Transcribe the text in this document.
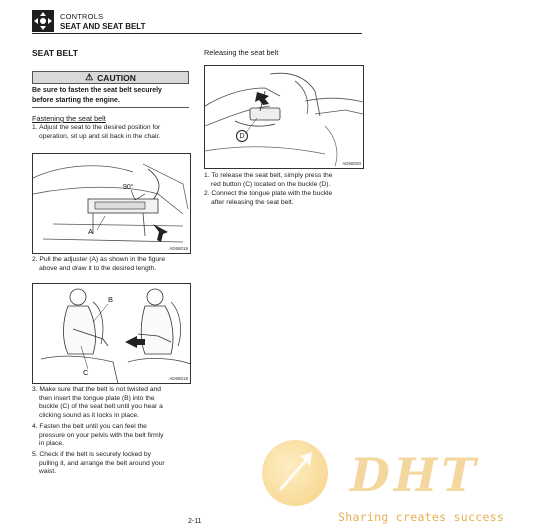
CONTROLS
SEAT AND SEAT BELT
SEAT BELT
⚠ CAUTION
Be sure to fasten the seat belt securely
before starting the engine.
Fastening the seat belt
1. Adjust the seat to the desired position for
operation, sit up and sit back in the chair.
90°
A
AD68019
2. Pull the adjuster (A) as shown in the figure
above and draw it to the desired length.
B
C
AD68018
3. Make sure that the belt is not twisted and
then insert the tongue plate (B) into the
buckle (C) of the seat belt until you hear a
clicking sound as it locks in place.
4. Fasten the belt until you can feel the
pressure on your pelvis with the belt firmly
in place.
5. Check if the belt is securely locked by
pulling it, and arrange the belt around your
waist.
Releasing the seat belt
D
AD68020
1. To release the seat belt, simply press the
red button (C) located on the buckle (D).
2. Connect the tongue plate with the buckle
after releasing the seat belt.
DHT
Sharing creates success
2-11
